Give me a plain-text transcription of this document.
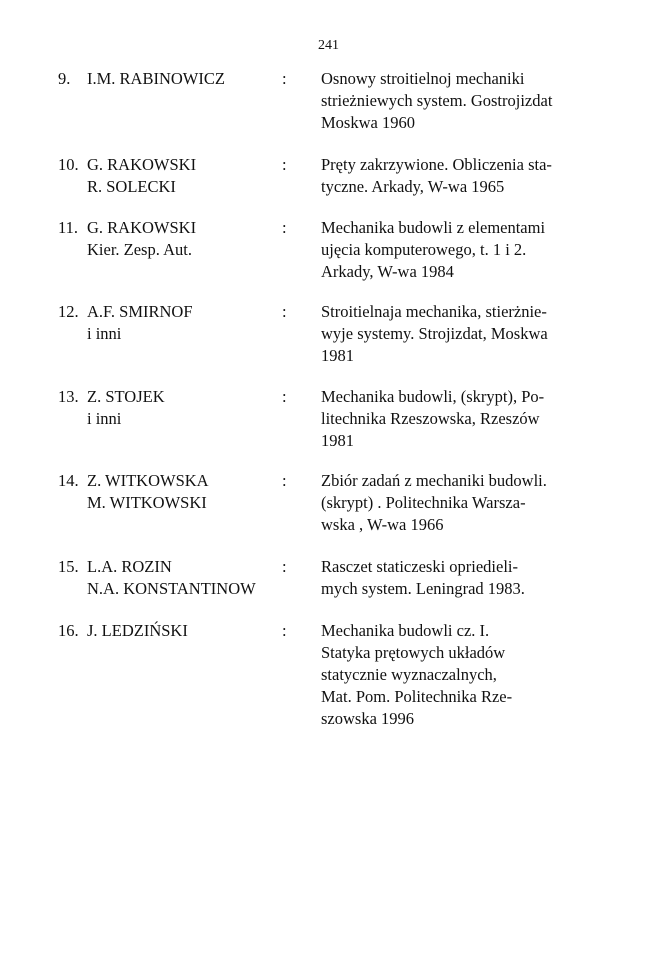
241
9. I.M. RABINOWICZ	: Osnowy stroitielnoj mechaniki
strieżniewych system. Gostrojizdat
Moskwa 1960
10. G. RAKOWSKI
R. SOLECKI
: Pręty zakrzywione. Obliczenia sta-
tyczne. Arkady, W-wa 1965
11. G. RAKOWSKI
Kier. Zesp. Aut.
: Mechanika budowli z elementami
ujęcia komputerowego, t. 1 i 2.
Arkady, W-wa 1984
12. A.F. SMIRNOF
i inni
: Stroitielnaja mechanika, stierżnie-
wyje systemy. Strojizdat, Moskwa
1981
13. Z. STOJEK
i inni
: Mechanika budowli, (skrypt), Po-
litechnika Rzeszowska, Rzeszów
1981
14. Z. WITKOWSKA
M. WITKOWSKI
: Zbiór zadań z mechaniki budowli.
(skrypt) . Politechnika Warsza-
wska , W-wa 1966
15. L.A. ROZIN
N.A. KONSTANTINOW
: Rasczet staticzeski opriedieli-
mych system. Leningrad 1983.
16. J. LEDZIŃSKI	: Mechanika budowli cz. I.
Statyka prętowych układów
statycznie wyznaczalnych,
Mat. Pom. Politechnika Rze-
szowska 1996
